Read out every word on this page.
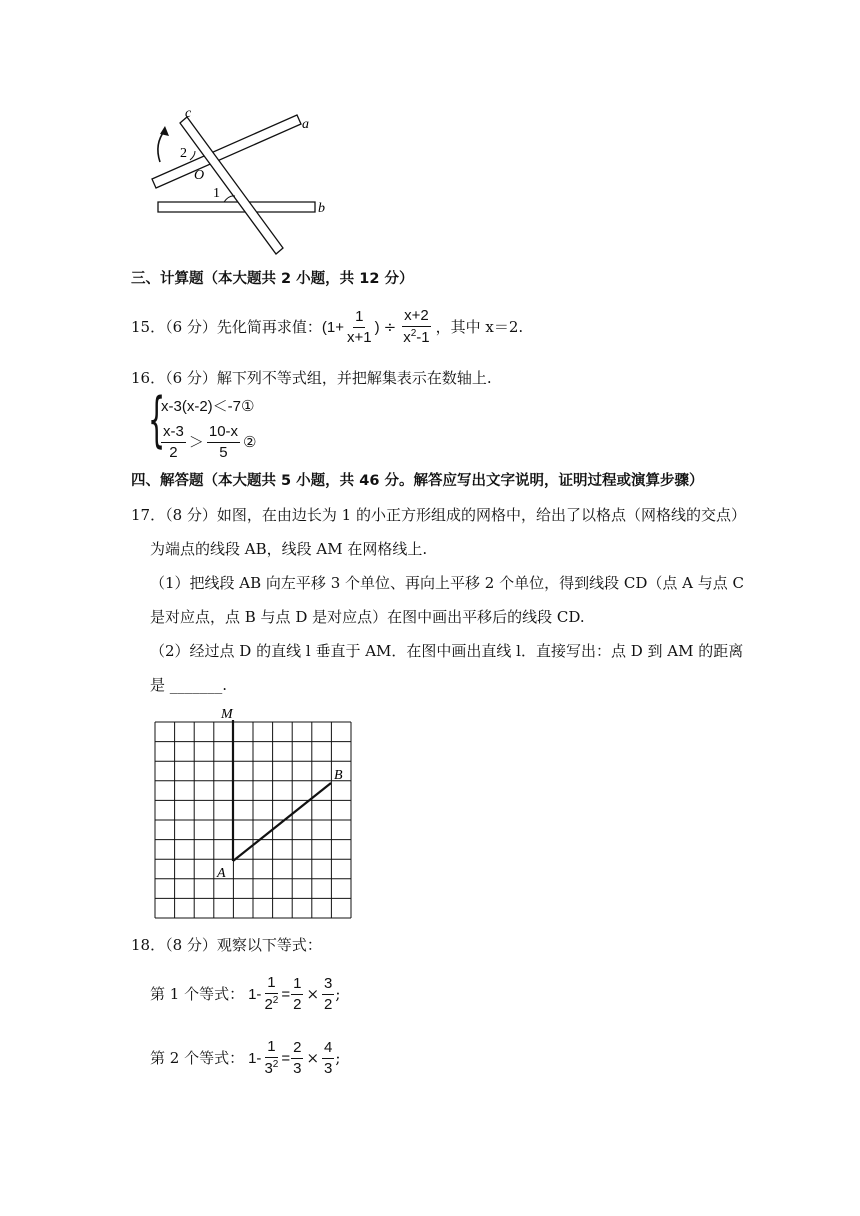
c
a
b
O
2
1
三、计算题（本大题共 2 小题，共 12 分）
15．（6 分）先化简再求值： ($1+ \frac{1}{x+1}$ ) ÷ $\frac{x+2}{x^2-1}$ ，其中 x＝2.
16．（6 分）解下列不等式组，并把解集表示在数轴上.
{
x-3(x-2)＜-7①
$\frac{x-3}{2} > \frac{10-x}{5}$ ②
四、解答题（本大题共 5 小题，共 46 分。解答应写出文字说明，证明过程或演算步骤）
17．（8 分）如图，在由边长为 1 的小正方形组成的网格中，给出了以格点（网格线的交点）
为端点的线段 AB，线段 AM 在网格线上.
（1）把线段 AB 向左平移 3 个单位、再向上平移 2 个单位，得到线段 CD（点 A 与点 C
是对应点，点 B 与点 D 是对应点）在图中画出平移后的线段 CD.
（2）经过点 D 的直线 l 垂直于 AM．在图中画出直线 l．直接写出：点 D 到 AM 的距离
是 _______.
M
B
A
18．（8 分）观察以下等式：
第 1 个等式： $1- \frac{1}{2^2} = \frac{1}{2} \times \frac{3}{2}$ ;
第 2 个等式： $1- \frac{1}{3^2} = \frac{2}{3} \times \frac{4}{3}$ ;
